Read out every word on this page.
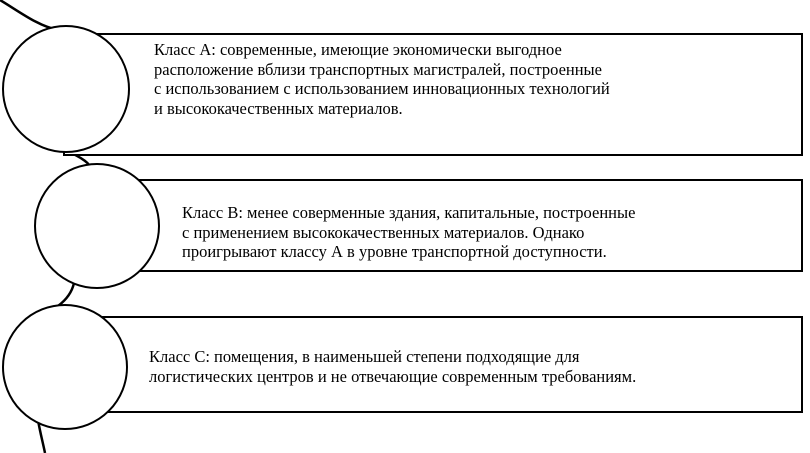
Класс А: современные, имеющие экономически выгодное
расположение вблизи транспортных магистралей, построенные
с использованием с использованием инновационных технологий
и высококачественных материалов.
Класс В: менее соверменные здания, капитальные, построенные
с применением высококачественных материалов. Однако
проигрывают классу А в уровне транспортной доступности.
Класс С: помещения, в наименьшей степени подходящие для
логистических центров и не отвечающие современным требованиям.
